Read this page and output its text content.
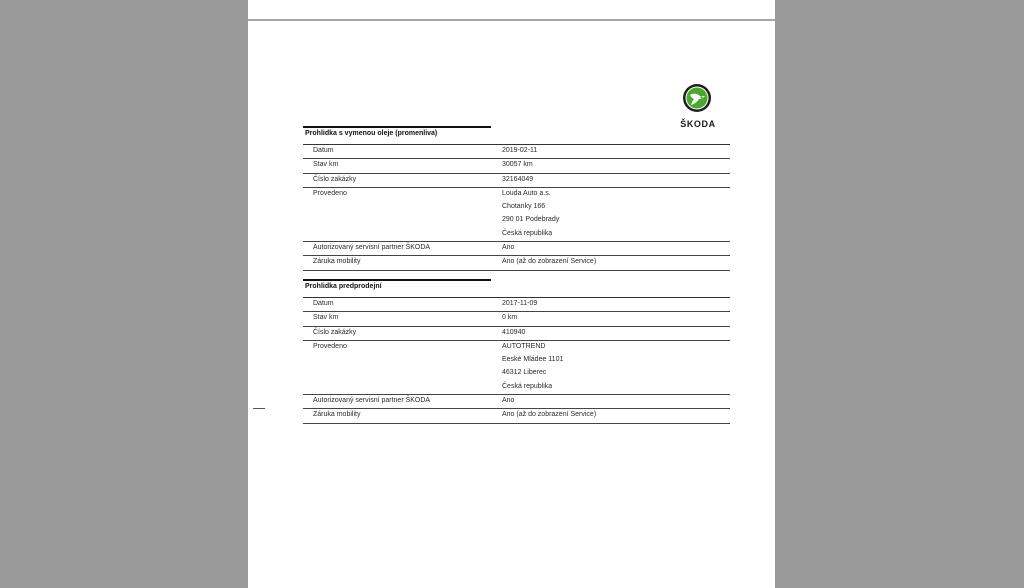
ŠKODA
Prohlidka s vymenou oleje (promenliva)
Datum	2019-02-11
Stav km	30057 km
Číslo zakázky	32164049
Provedeno	Louda Auto a.s.
Chotanky 166
290 01 Podebrady
Česká republika
Autorizovaný servisní partner ŠKODA	Ano
Záruka mobility	Ano (až do zobrazení Service)
Prohlidka predprodejní
Datum	2017-11-09
Stav km	0 km
Číslo zakázky	410940
Provedeno	AUTOTREND
Eeské Mládee 1101
46312 Liberec
Česká republika
Autorizovaný servisní partner ŠKODA	Ano
Záruka mobility	Ano (až do zobrazení Service)
